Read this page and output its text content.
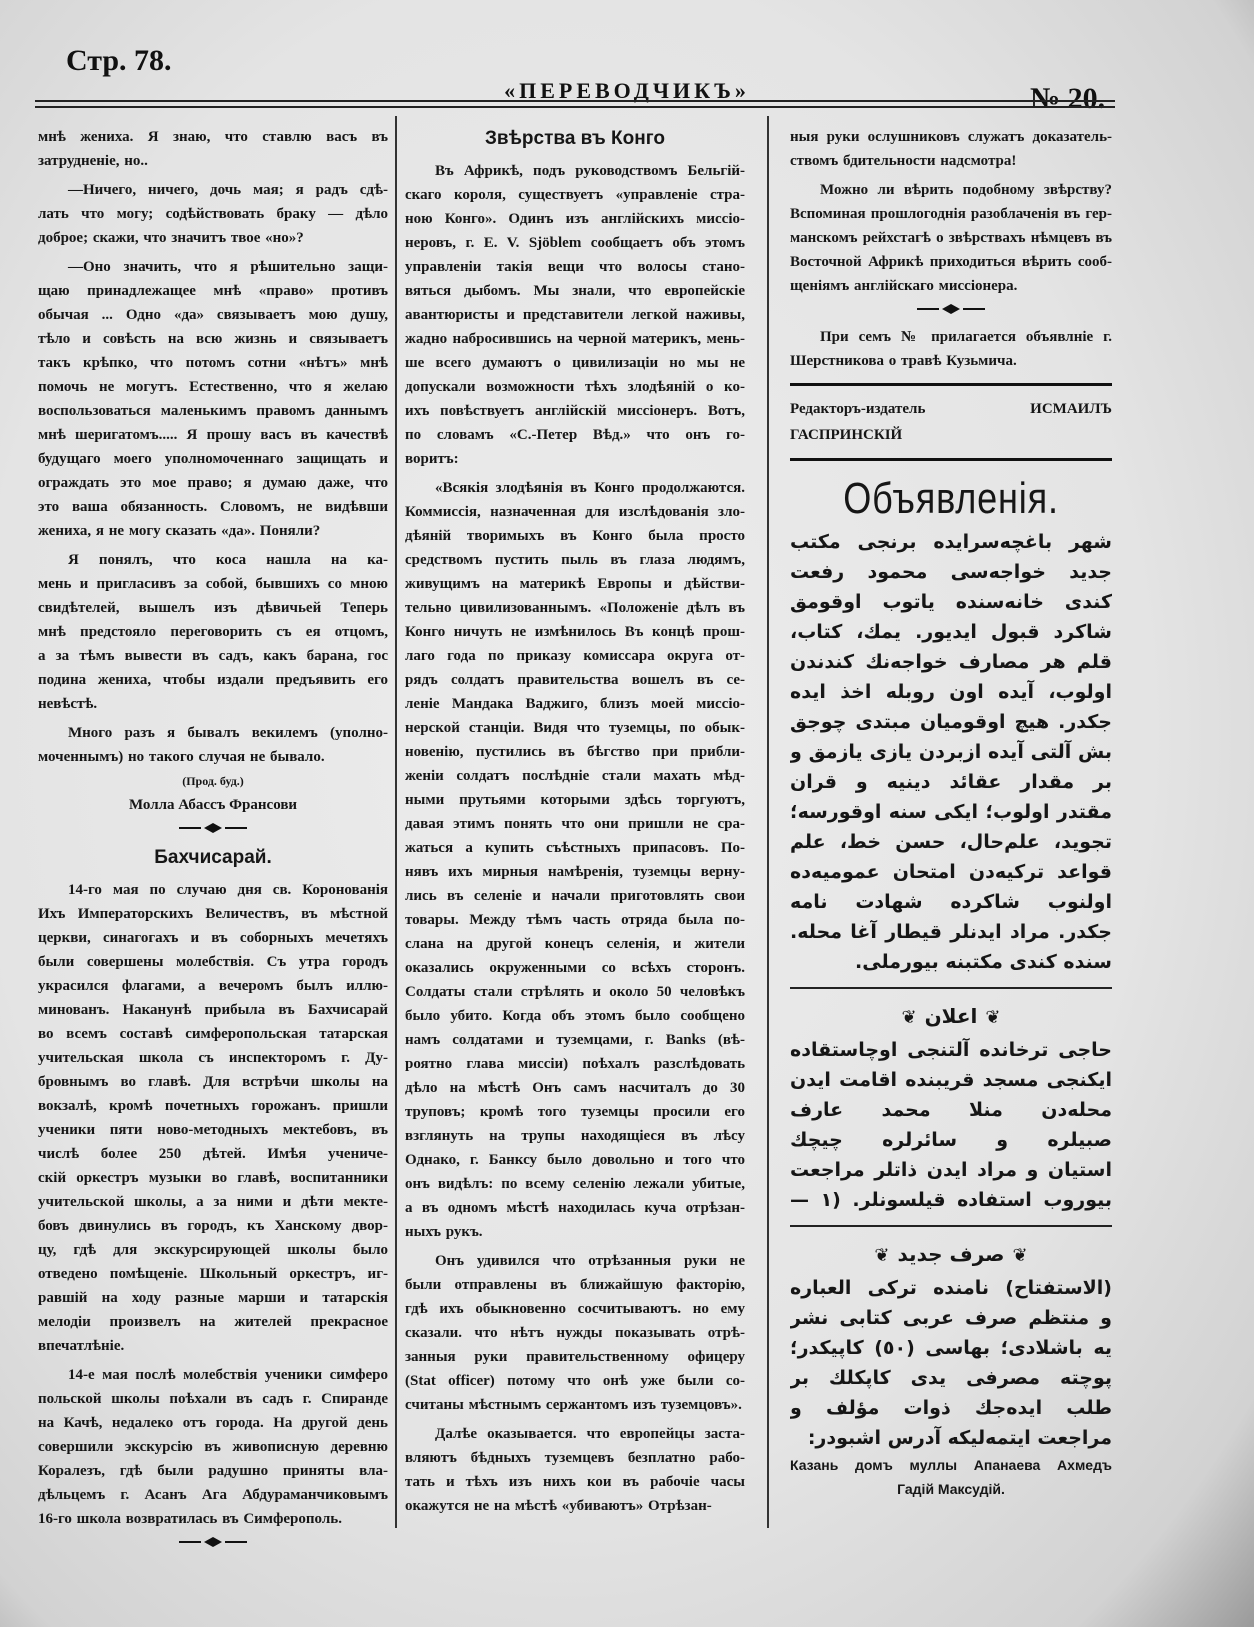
Стр. 78.
«ПЕРЕВОДЧИКЪ»	№ 20.
мнѣ жениха. Я знаю, что ставлю васъ въ
затрудненіе, но..
—Ничего, ничего, дочь мая; я радъ сдѣ-
лать что могу; содѣйствовать браку — дѣло
доброе; скажи, что значитъ твое «но»?
—Оно значить, что я рѣшительно защи-
щаю принадлежащее мнѣ «право» противъ
обычая ... Одно «да» связываетъ мою душу,
тѣло и совѣсть на всю жизнь и связываетъ
такъ крѣпко, что потомъ сотни «нѣтъ» мнѣ
помочь не могутъ. Естественно, что я желаю
воспользоваться маленькимъ правомъ даннымъ
мнѣ шеригатомъ..... Я прошу васъ въ качествѣ
будущаго моего уполномоченнаго защищать и
ограждать это мое право; я думаю даже, что
это ваша обязанность. Словомъ, не видѣвши
жениха, я не могу сказать «да». Поняли?
Я понялъ, что коса нашла на ка-
мень и пригласивъ за собой, бывшихъ со мною
свидѣтелей, вышелъ изъ дѣвичьей Теперь
мнѣ предстояло переговорить съ ея отцомъ,
а за тѣмъ вывести въ садъ, какъ барана, гос
подина жениха, чтобы издали предъявить его
невѣстѣ.
Много разъ я бывалъ векилемъ (уполно-
моченнымъ) но такого случая не бывало.
(Прод. буд.)
Молла Абассъ Франсови
Бахчисарай.
14-го мая по случаю дня св. Коронованія
Ихъ Императорскихъ Величествъ, въ мѣстной
церкви, синагогахъ и въ соборныхъ мечетяхъ
были совершены молебствія. Съ утра городъ
украсился флагами, а вечеромъ былъ иллю-
минованъ. Наканунѣ прибыла въ Бахчисарай
во всемъ составѣ симферопольская татарская
учительская школа съ инспекторомъ г. Ду-
бровнымъ во главѣ. Для встрѣчи школы на
вокзалѣ, кромѣ почетныхъ горожанъ. пришли
ученики пяти ново-методныхъ мектебовъ, въ
числѣ более 250 дѣтей. Имѣя учениче-
скій оркестръ музыки во главѣ, воспитанники
учительской школы, а за ними и дѣти мекте-
бовъ двинулись въ городъ, къ Ханскому двор-
цу, гдѣ для экскурсирующей школы было
отведено помѣщеніе. Школьный оркестръ, иг-
равшій на ходу разные марши и татарскія
мелодіи произвелъ на жителей прекрасное
впечатлѣніе.
14-е мая послѣ молебствія ученики симферо
польской школы поѣхали въ садъ г. Спиранде
на Качѣ, недалеко отъ города. На другой день
совершили экскурсію въ живописную деревню
Коралезъ, гдѣ были радушно приняты вла-
дѣльцемъ г. Асанъ Ага Абдураманчиковымъ
16-го школа возвратилась въ Симферополь.
Звѣрства въ Конго
Въ Африкѣ, подъ руководствомъ Бельгій-
скаго короля, существуетъ «управленіе стра-
ною Конго». Одинъ изъ англійскихъ миссіо-
неровъ, г. E. V. Sjöblem сообщаетъ объ этомъ
управленіи такія вещи что волосы стано-
вяться дыбомъ. Мы знали, что европейскіе
авантюристы и представители легкой наживы,
жадно набросившись на черной материкъ, мень-
ше всего думаютъ о цивилизаціи но мы не
допускали возможности тѣхъ злодѣяній о ко-
ихъ повѣствуетъ англійскій миссіонеръ. Вотъ,
по словамъ «С.-Петер Вѣд.» что онъ го-
воритъ:
«Всякія злодѣянія въ Конго продолжаются.
Коммиссія, назначенная для изслѣдованія зло-
дѣяній творимыхъ въ Конго была просто
средствомъ пустить пыль въ глаза людямъ,
живущимъ на материкѣ Европы и дѣйстви-
тельно цивилизованнымъ. «Положеніе дѣлъ въ
Конго ничуть не измѣнилось Въ концѣ прош-
лаго года по приказу комиссара округа от-
рядъ солдатъ правительства вошелъ въ се-
леніе Мандака Ваджиго, близъ моей миссіо-
нерской станціи. Видя что туземцы, по обык-
новенію, пустились въ бѣгство при прибли-
женіи солдатъ послѣдніе стали махать мѣд-
ными прутьями которыми здѣсь торгуютъ,
давая этимъ понять что они пришли не сра-
жаться а купить съѣстныхъ припасовъ. По-
нявъ ихъ мирныя намѣренія, туземцы верну-
лись въ селеніе и начали приготовлять свои
товары. Между тѣмъ часть отряда была по-
слана на другой конецъ селенія, и жители
оказались окруженными со всѣхъ сторонъ.
Солдаты стали стрѣлять и около 50 человѣкъ
было убито. Когда объ этомъ было сообщено
намъ солдатами и туземцами, г. Banks (вѣ-
роятно глава миссіи) поѣхалъ разслѣдовать
дѣло на мѣстѣ Онъ самъ насчиталъ до 30
труповъ; кромѣ того туземцы просили его
взглянуть на трупы находящіеся въ лѣсу
Однако, г. Банксу было довольно и того что
онъ видѣлъ: по всему селенію лежали убитые,
а въ одномъ мѣстѣ находилась куча отрѣзан-
ныхъ рукъ.
Онъ удивился что отрѣзанныя руки не
были отправлены въ ближайшую факторію,
гдѣ ихъ обыкновенно сосчитываютъ. но ему
сказали. что нѣтъ нужды показывать отрѣ-
занныя руки правительственному офицеру
(Stat officer) потому что онѣ уже были со-
считаны мѣстнымъ сержантомъ изъ туземцовъ».
Далѣе оказывается. что европейцы заста-
вляютъ бѣдныхъ туземцевъ безплатно рабо-
тать и тѣхъ изъ нихъ кои въ рабочіе часы
окажутся не на мѣстѣ «убиваютъ» Отрѣзан-
ныя руки ослушниковъ служатъ доказатель-
ствомъ бдительности надсмотра!
Можно ли вѣрить подобному звѣрству?
Вспоминая прошлогоднія разоблаченія въ гер-
манскомъ рейхстагѣ о звѣрствахъ нѣмцевъ въ
Восточной Африкѣ приходиться вѣрить сооб-
щеніямъ англійскаго миссіонера.
При семъ № прилагается объявлніе г.
Шерстникова о травѣ Кузьмича.
Редакторъ-издатель ИСМАИЛЪ ГАСПРИНСКІЙ
Объявленія.
شهر باغچه‌سرایده برنجی مکتب
جدید خواجه‌سی محمود رفعت
کندی خانه‌سنده یاتوب اوقومق
شاکرد قبول ایدیور. یمك، کتاب،
قلم هر مصارف خواجه‌نك کندندن
اولوب، آیده اون روبله اخذ ایده
جکدر. هیچ اوقومیان مبتدی چوجق
بش آلتی آیده ازبردن یازی یازمق و
بر مقدار عقائد دینیه و قران
مقتدر اولوب؛ ایکی سنه اوقورسه؛
تجوید، علم‌حال، حسن خط، علم
قواعد ترکیه‌دن امتحان عمومیه‌ده
اولنوب شاکرده شهادت نامه
جکدر. مراد ایدنلر قیطار آغا محله.
سنده کندی مکتبنه بیورملی.
❦اعلان❦
حاجی ترخانده آلتنجی اوچاستقاده
ایکنجی مسجد قریبنده اقامت ایدن
محله‌دن منلا محمد عارف
صبیلره و سائرلره چیچك
استیان و مراد ایدن ذاتلر مراجعت
بیوروب استفاده قیلسونلر. (١ —
❦صرف جدید❦
(الاستفتاح) نامنده ترکی العباره
و منتظم صرف عربی کتابی نشر
یه باشلادی؛ بهاسی (٥٠) کاپیکدر؛
پوچته مصرفی یدی کاپکلك بر
طلب ایده‌جك ذوات مؤلف و
مراجعت ایتمه‌لیکه آدرس اشبودر:
Казань домъ муллы Апанаева Ахмедъ
Гадій Максудій.
